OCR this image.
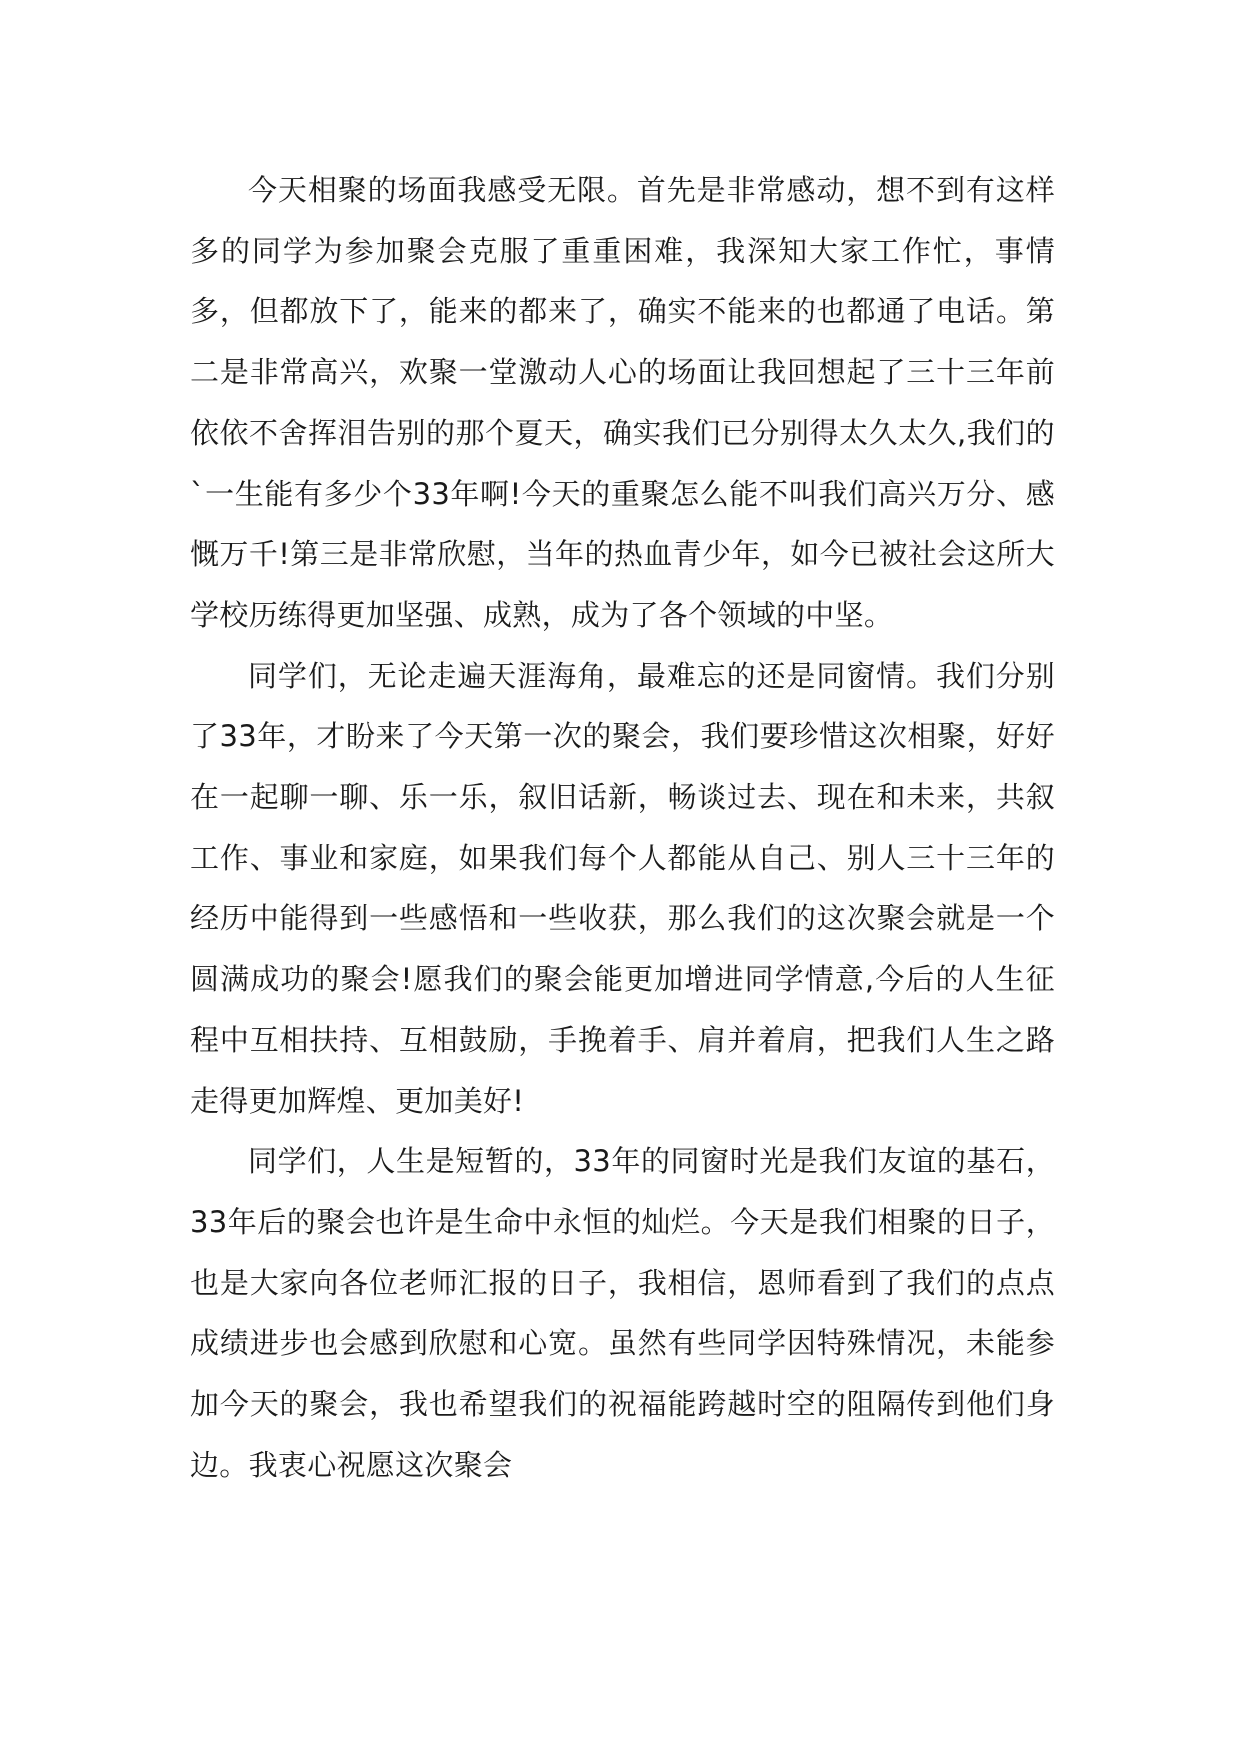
今天相聚的场面我感受无限。首先是非常感动，想不到有这样多的同学为参加聚会克服了重重困难，我深知大家工作忙，事情多，但都放下了，能来的都来了，确实不能来的也都通了电话。第二是非常高兴，欢聚一堂激动人心的场面让我回想起了三十三年前依依不舍挥泪告别的那个夏天，确实我们已分别得太久太久,我们的`一生能有多少个33年啊!今天的重聚怎么能不叫我们高兴万分、感慨万千!第三是非常欣慰，当年的热血青少年，如今已被社会这所大学校历练得更加坚强、成熟，成为了各个领域的中坚。

同学们，无论走遍天涯海角，最难忘的还是同窗情。我们分别了33年，才盼来了今天第一次的聚会，我们要珍惜这次相聚，好好在一起聊一聊、乐一乐，叙旧话新，畅谈过去、现在和未来，共叙工作、事业和家庭，如果我们每个人都能从自己、别人三十三年的经历中能得到一些感悟和一些收获，那么我们的这次聚会就是一个圆满成功的聚会!愿我们的聚会能更加增进同学情意,今后的人生征程中互相扶持、互相鼓励，手挽着手、肩并着肩，把我们人生之路走得更加辉煌、更加美好!

同学们，人生是短暂的，33年的同窗时光是我们友谊的基石，33年后的聚会也许是生命中永恒的灿烂。今天是我们相聚的日子，也是大家向各位老师汇报的日子，我相信，恩师看到了我们的点点成绩进步也会感到欣慰和心宽。虽然有些同学因特殊情况，未能参加今天的聚会，我也希望我们的祝福能跨越时空的阻隔传到他们身边。我衷心祝愿这次聚会
